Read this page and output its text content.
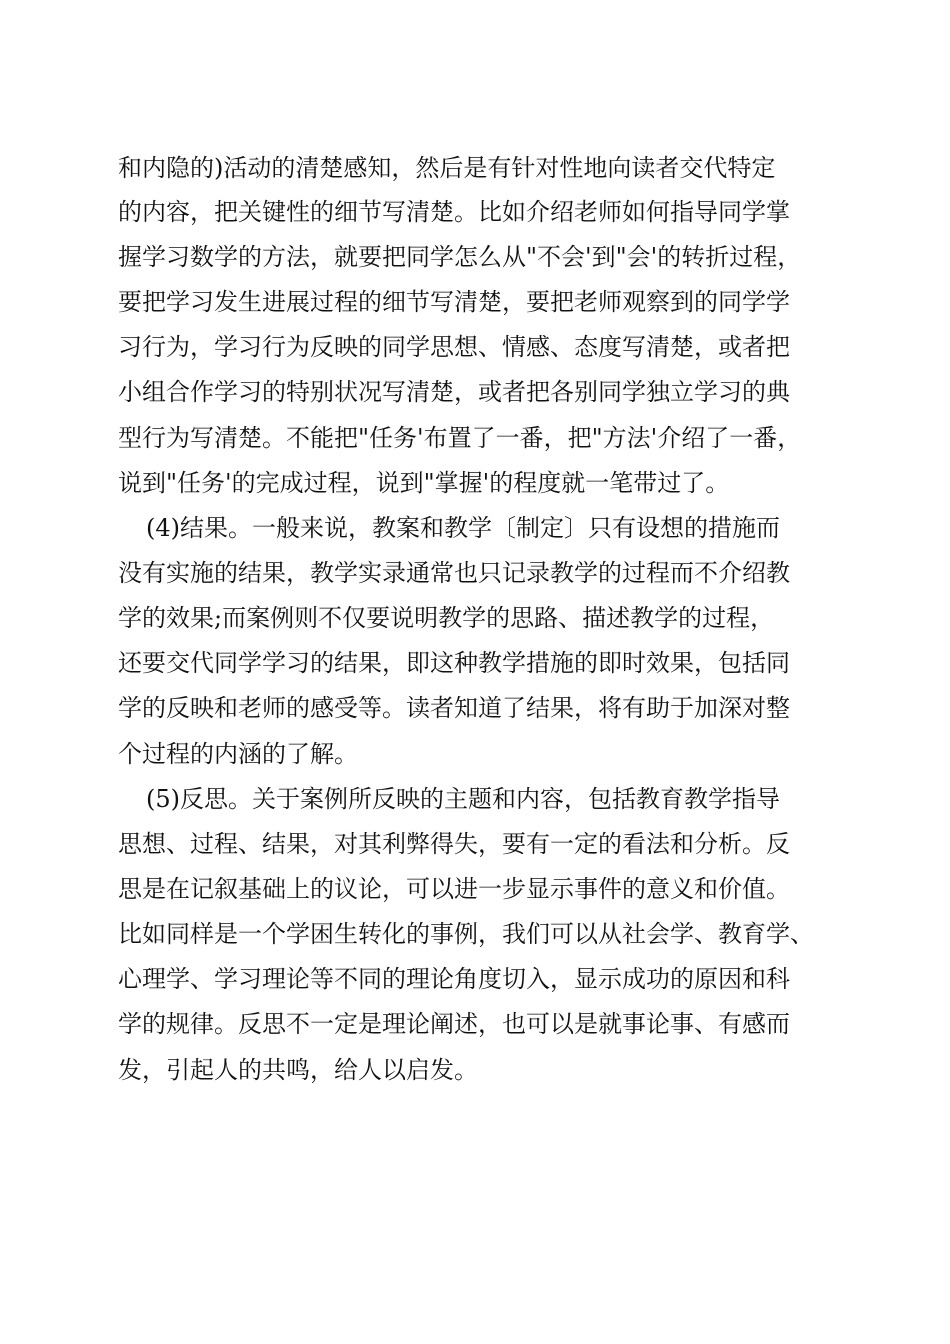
和内隐的)活动的清楚感知，然后是有针对性地向读者交代特定
的内容，把关键性的细节写清楚。比如介绍老师如何指导同学掌
握学习数学的方法，就要把同学怎么从"不会'到"会'的转折过程，
要把学习发生进展过程的细节写清楚，要把老师观察到的同学学
习行为，学习行为反映的同学思想、情感、态度写清楚，或者把
小组合作学习的特别状况写清楚，或者把各别同学独立学习的典
型行为写清楚。不能把"任务'布置了一番，把"方法'介绍了一番，
说到"任务'的完成过程，说到"掌握'的程度就一笔带过了。
(4)结果。一般来说，教案和教学〔制定〕只有设想的措施而
没有实施的结果，教学实录通常也只记录教学的过程而不介绍教
学的效果;而案例则不仅要说明教学的思路、描述教学的过程，
还要交代同学学习的结果，即这种教学措施的即时效果，包括同
学的反映和老师的感受等。读者知道了结果，将有助于加深对整
个过程的内涵的了解。
(5)反思。关于案例所反映的主题和内容，包括教育教学指导
思想、过程、结果，对其利弊得失，要有一定的看法和分析。反
思是在记叙基础上的议论，可以进一步显示事件的意义和价值。
比如同样是一个学困生转化的事例，我们可以从社会学、教育学、
心理学、学习理论等不同的理论角度切入，显示成功的原因和科
学的规律。反思不一定是理论阐述，也可以是就事论事、有感而
发，引起人的共鸣，给人以启发。
